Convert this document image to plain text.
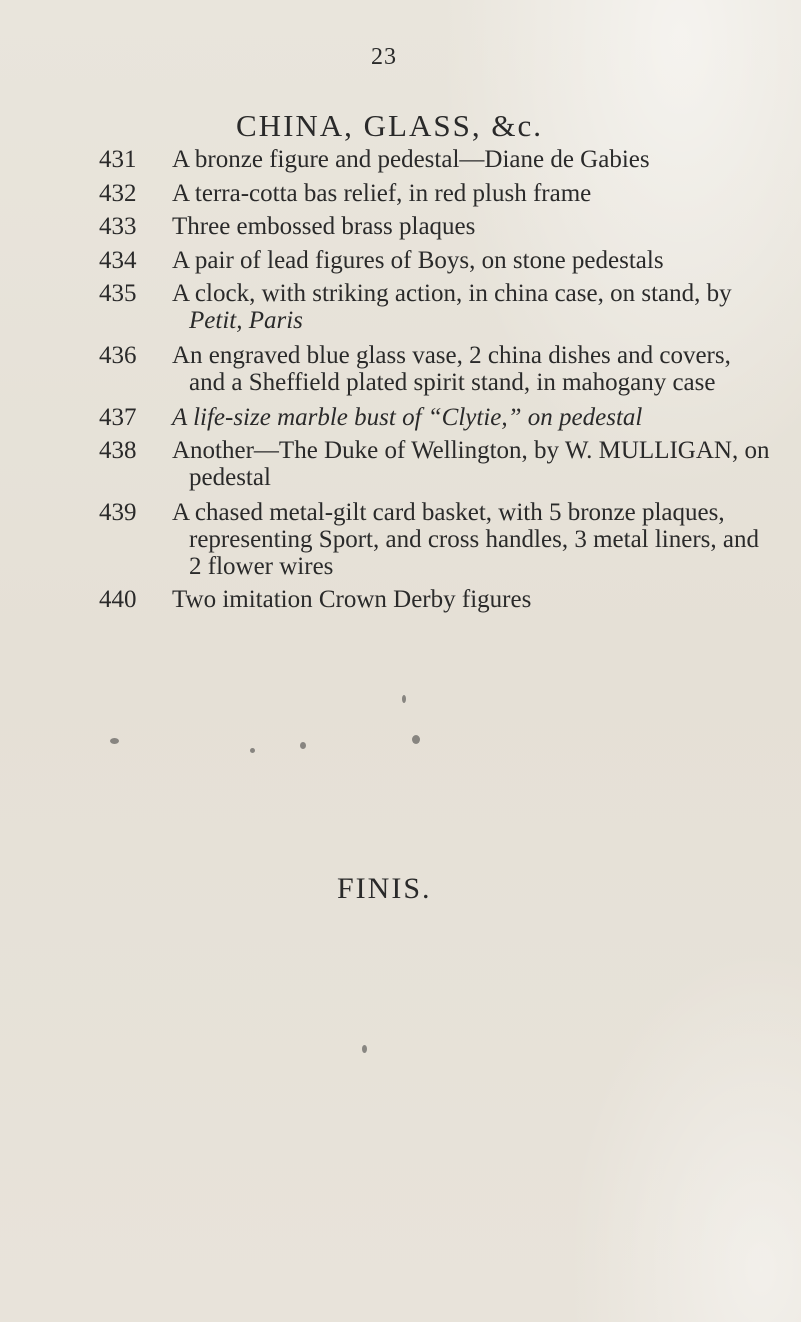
23
CHINA, GLASS, &c.
431 A bronze figure and pedestal—Diane de Gabies
432 A terra-cotta bas relief, in red plush frame
433 Three embossed brass plaques
434 A pair of lead figures of Boys, on stone pedestals
435 A clock, with striking action, in china case, on stand, by
Petit, Paris
436 An engraved blue glass vase, 2 china dishes and covers,
and a Sheffield plated spirit stand, in mahogany case
437 A life-size marble bust of “Clytie,” on pedestal
438 Another—The Duke of Wellington, by W. MULLIGAN, on
pedestal
439 A chased metal-gilt card basket, with 5 bronze plaques,
representing Sport, and cross handles, 3 metal liners, and
2 flower wires
440 Two imitation Crown Derby figures
FINIS.
